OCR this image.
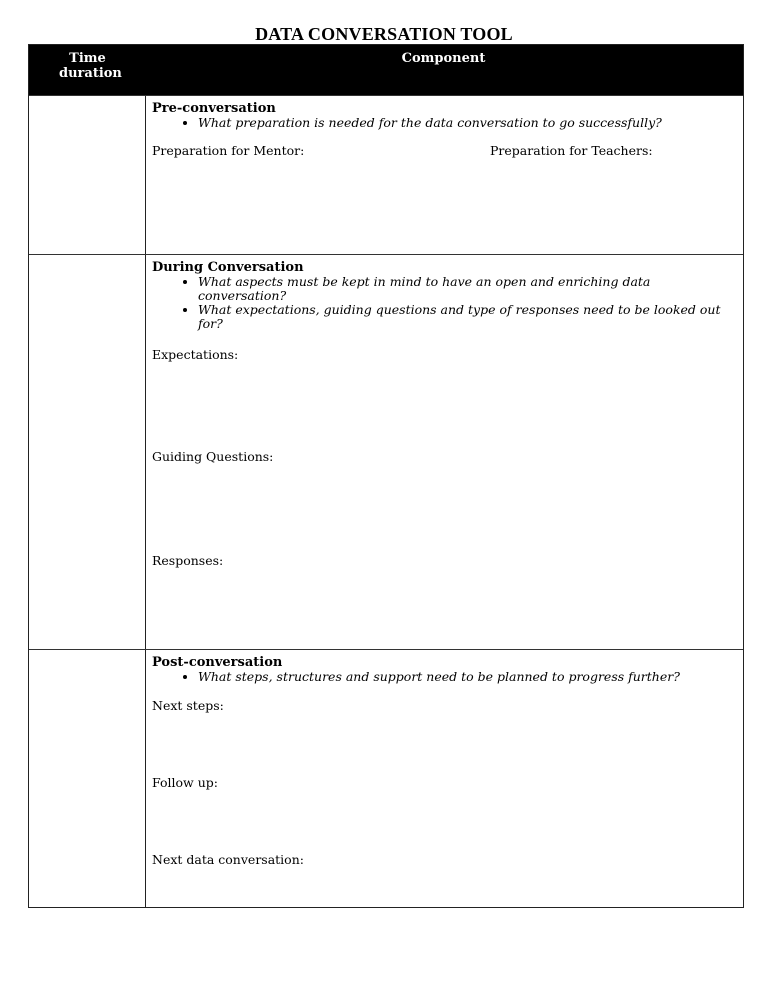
DATA CONVERSATION TOOL
Time duration
Component
Pre-conversation
• What preparation is needed for the data conversation to go successfully?
Preparation for Mentor:	Preparation for Teachers:
During Conversation
• What aspects must be kept in mind to have an open and enriching data conversation?
• What expectations, guiding questions and type of responses need to be looked out for?
Expectations:
Guiding Questions:
Responses:
Post-conversation
• What steps, structures and support need to be planned to progress further?
Next steps:
Follow up:
Next data conversation:
